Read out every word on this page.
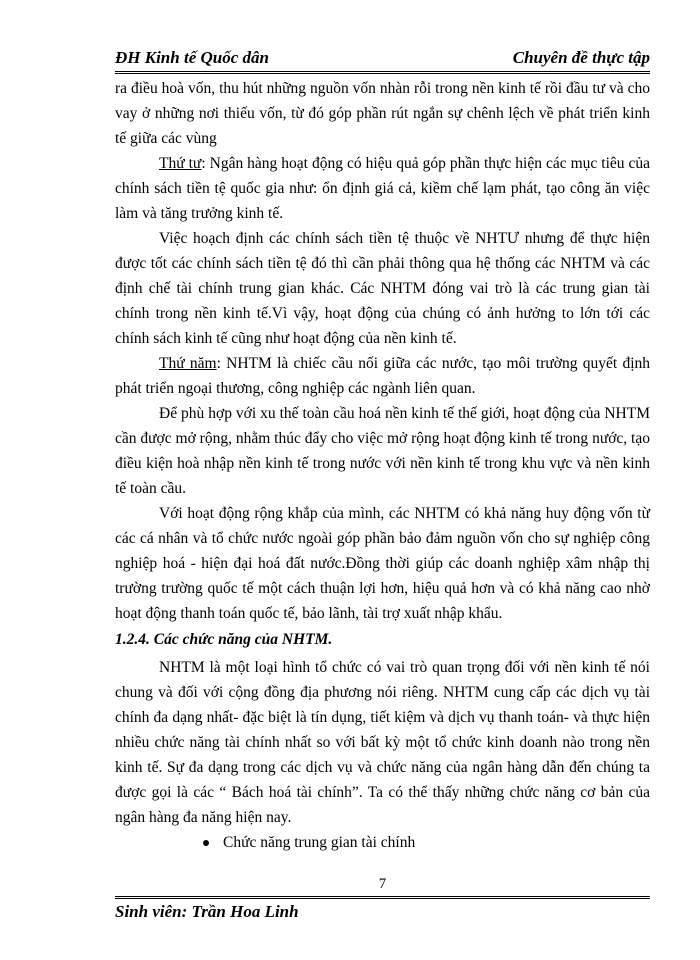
ĐH Kinh tế Quốc dân	Chuyên đề thực tập

ra điều hoà vốn, thu hút những nguồn vốn nhàn rỗi trong nền kinh tế rồi đầu tư và cho vay ở những nơi thiếu vốn, từ đó góp phần rút ngắn sự chênh lệch về phát triển kinh tế giữa các vùng

Thứ tư: Ngân hàng hoạt động có hiệu quả góp phần thực hiện các mục tiêu của chính sách tiền tệ quốc gia như: ổn định giá cả, kiềm chế lạm phát, tạo công ăn việc làm và tăng trưởng kinh tế.

Việc hoạch định các chính sách tiền tệ thuộc về NHTƯ nhưng để thực hiện được tốt các chính sách tiền tệ đó thì cần phải thông qua hệ thống các NHTM và các định chế tài chính trung gian khác. Các NHTM đóng vai trò là các trung gian tài chính trong nền kinh tế.Vì vậy, hoạt động của chúng có ảnh hưởng to lớn tới các chính sách kinh tế cũng như hoạt động của nền kinh tế.

Thứ năm: NHTM là chiếc cầu nối giữa các nước, tạo môi trường quyết định phát triển ngoại thương, công nghiệp các ngành liên quan.

Để phù hợp với xu thế toàn cầu hoá nền kinh tế thế giới, hoạt động của NHTM cần được mở rộng, nhằm thúc đẩy cho việc mở rộng hoạt động kinh tế trong nước, tạo điều kiện hoà nhập nền kinh tế trong nước với nền kinh tế trong khu vực và nền kinh tế toàn cầu.

Với hoạt động rộng khắp của mình, các NHTM có khả năng huy động vốn từ các cá nhân và tổ chức nước ngoài góp phần bảo đảm nguồn vốn cho sự nghiệp công nghiệp hoá - hiện đại hoá đất nước.Đồng thời giúp các doanh nghiệp xâm nhập thị trường trường quốc tế một cách thuận lợi hơn, hiệu quả hơn và có khả năng cao nhờ hoạt động thanh toán quốc tế, bảo lãnh, tài trợ xuất nhập khẩu.

1.2.4. Các chức năng của NHTM.

NHTM là một loại hình tổ chức có vai trò quan trọng đối với nền kinh tế nói chung và đối với cộng đồng địa phương nói riêng. NHTM cung cấp các dịch vụ tài chính đa dạng nhất- đặc biệt là tín dụng, tiết kiệm và dịch vụ thanh toán- và thực hiện nhiều chức năng tài chính nhất so với bất kỳ một tổ chức kinh doanh nào trong nền kinh tế. Sự đa dạng trong các dịch vụ và chức năng của ngân hàng dẫn đến chúng ta được gọi là các “ Bách hoá tài chính”. Ta có thể thấy những chức năng cơ bản của ngân hàng đa năng hiện nay.

Chức năng trung gian tài chính

7
Sinh viên: Trần Hoa Linh
